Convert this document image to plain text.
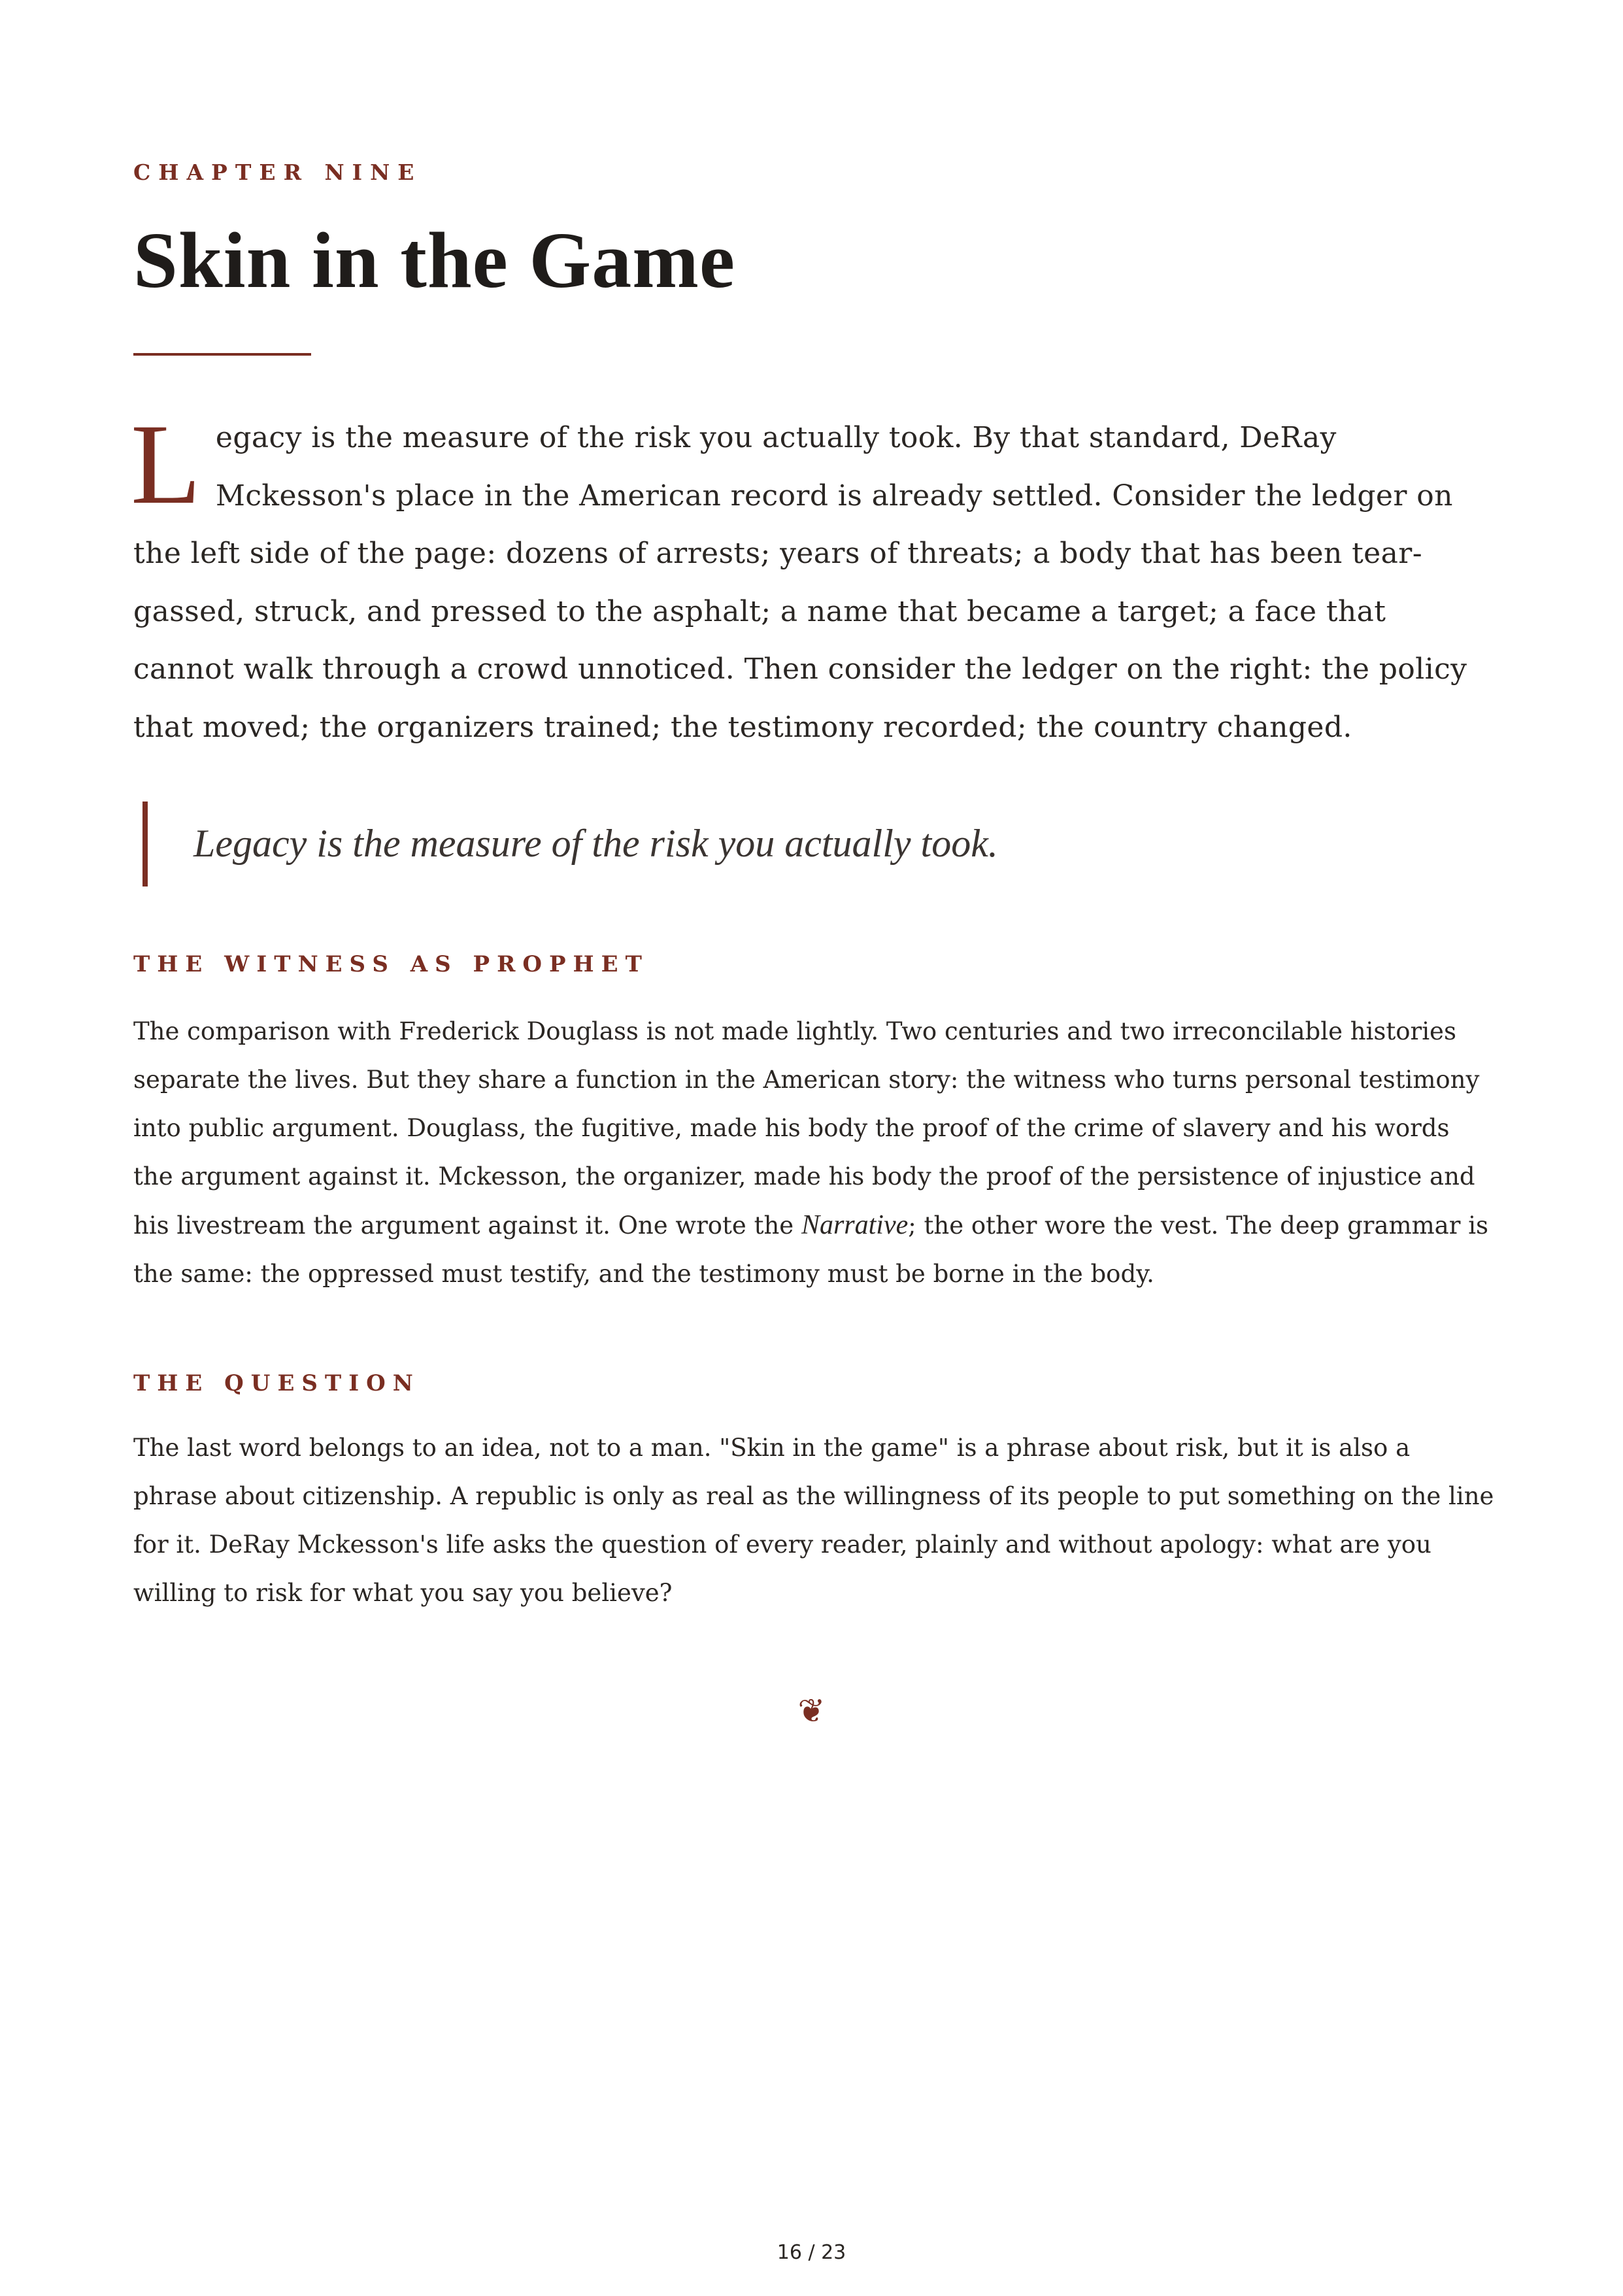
CHAPTER NINE
Skin in the Game

Legacy is the measure of the risk you actually took. By that standard, DeRay Mckesson's place in the American record is already settled. Consider the ledger on the left side of the page: dozens of arrests; years of threats; a body that has been tear-gassed, struck, and pressed to the asphalt; a name that became a target; a face that cannot walk through a crowd unnoticed. Then consider the ledger on the right: the policy that moved; the organizers trained; the testimony recorded; the country changed.

Legacy is the measure of the risk you actually took.
THE WITNESS AS PROPHET

The comparison with Frederick Douglass is not made lightly. Two centuries and two irreconcilable histories separate the lives. But they share a function in the American story: the witness who turns personal testimony into public argument. Douglass, the fugitive, made his body the proof of the crime of slavery and his words the argument against it. Mckesson, the organizer, made his body the proof of the persistence of injustice and his livestream the argument against it. One wrote the Narrative; the other wore the vest. The deep grammar is the same: the oppressed must testify, and the testimony must be borne in the body.

THE QUESTION

The last word belongs to an idea, not to a man. "Skin in the game" is a phrase about risk, but it is also a phrase about citizenship. A republic is only as real as the willingness of its people to put something on the line for it. DeRay Mckesson's life asks the question of every reader, plainly and without apology: what are you willing to risk for what you say you believe?

❦
16 / 23
